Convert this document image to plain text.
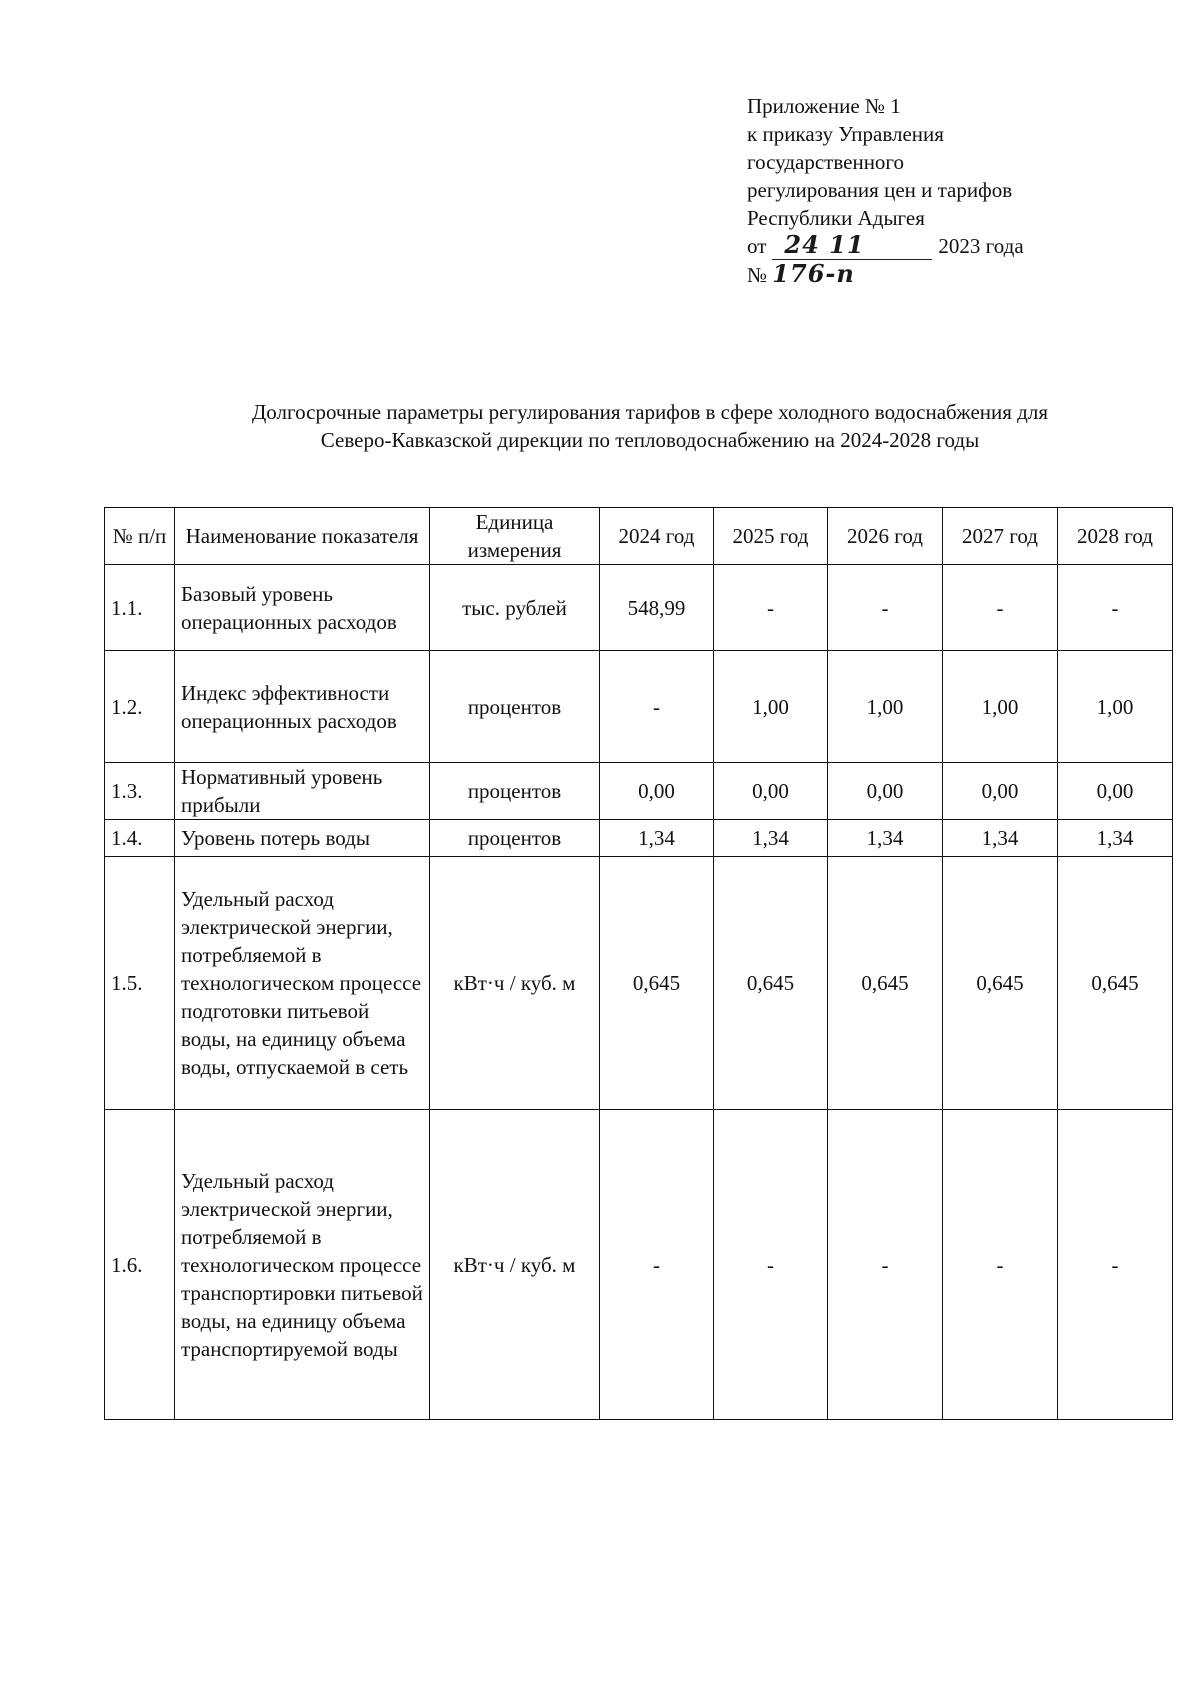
Приложение № 1
к приказу Управления
государственного
регулирования цен и тарифов
Республики Адыгея
от 24 11	2023 года
№ 176-п
Долгосрочные параметры регулирования тарифов в сфере холодного водоснабжения для
Северо-Кавказской дирекции по тепловодоснабжению на 2024-2028 годы
№ п/п	Наименование показателя	Единица измерения	2024 год	2025 год	2026 год	2027 год	2028 год
1.1.	Базовый уровень операционных расходов	тыс. рублей	548,99	-	-	-	-
1.2.	Индекс эффективности операционных расходов	процентов	-	1,00	1,00	1,00	1,00
1.3.	Нормативный уровень прибыли	процентов	0,00	0,00	0,00	0,00	0,00
1.4.	Уровень потерь воды	процентов	1,34	1,34	1,34	1,34	1,34
1.5.	Удельный расход электрической энергии, потребляемой в технологическом процессе подготовки питьевой воды, на единицу объема воды, отпускаемой в сеть	кВт·ч / куб. м	0,645	0,645	0,645	0,645	0,645
1.6.	Удельный расход электрической энергии, потребляемой в технологическом процессе транспортировки питьевой воды, на единицу объема транспортируемой воды	кВт·ч / куб. м	-	-	-	-	-
